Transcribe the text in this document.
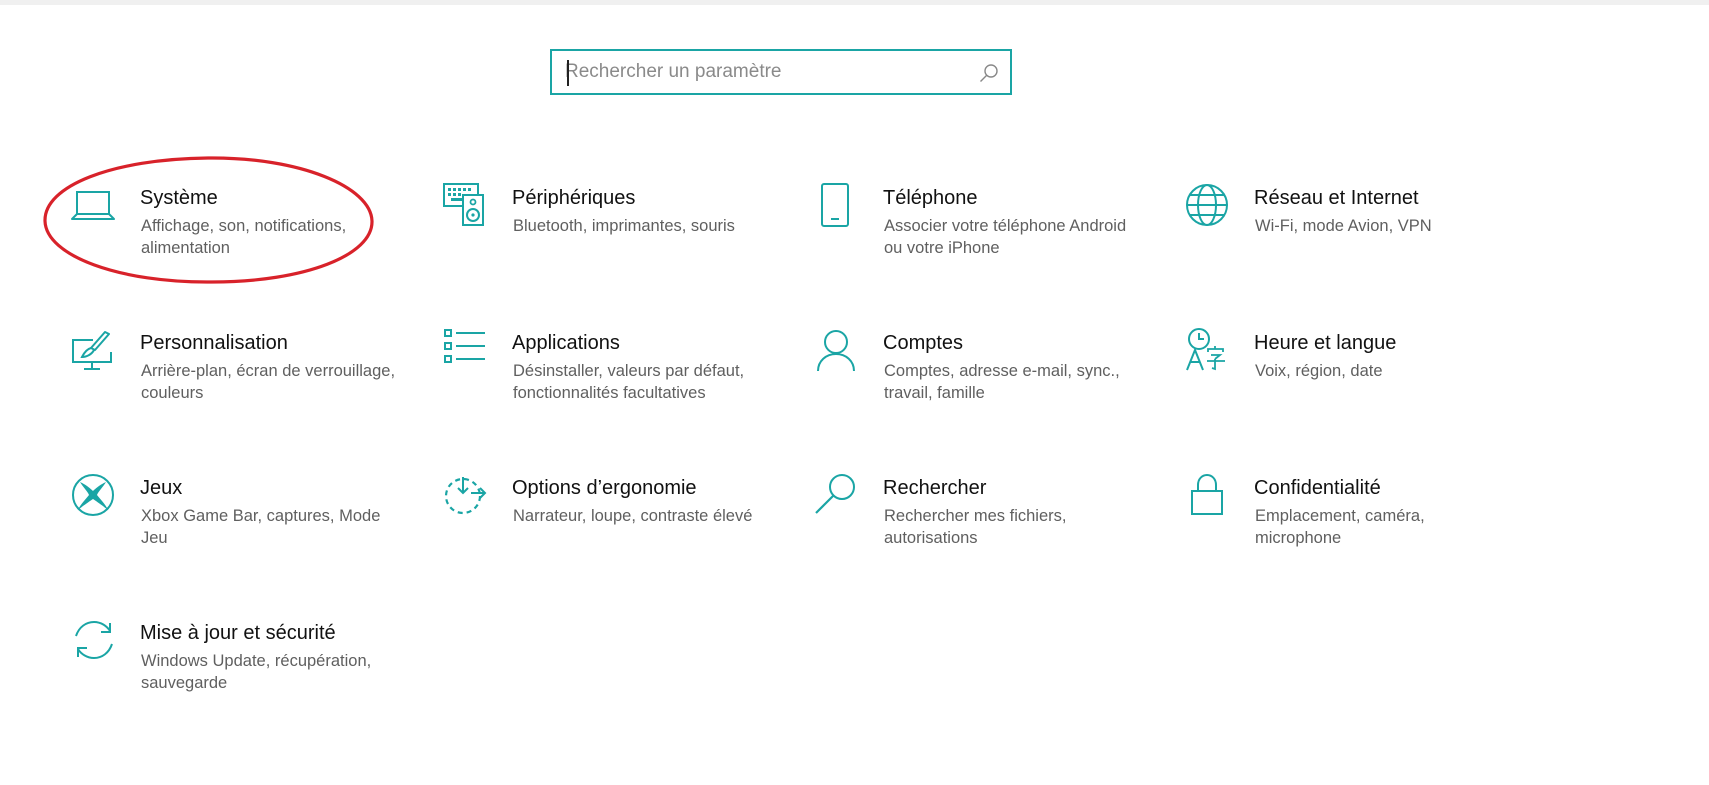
Rechercher un paramètre
Système
Affichage, son, notifications, alimentation
Périphériques
Bluetooth, imprimantes, souris
Téléphone
Associer votre téléphone Android ou votre iPhone
Réseau et Internet
Wi-Fi, mode Avion, VPN
Personnalisation
Arrière-plan, écran de verrouillage, couleurs
Applications
Désinstaller, valeurs par défaut, fonctionnalités facultatives
Comptes
Comptes, adresse e-mail, sync., travail, famille
Heure et langue
Voix, région, date
Jeux
Xbox Game Bar, captures, Mode Jeu
Options d’ergonomie
Narrateur, loupe, contraste élevé
Rechercher
Rechercher mes fichiers, autorisations
Confidentialité
Emplacement, caméra, microphone
Mise à jour et sécurité
Windows Update, récupération, sauvegarde
